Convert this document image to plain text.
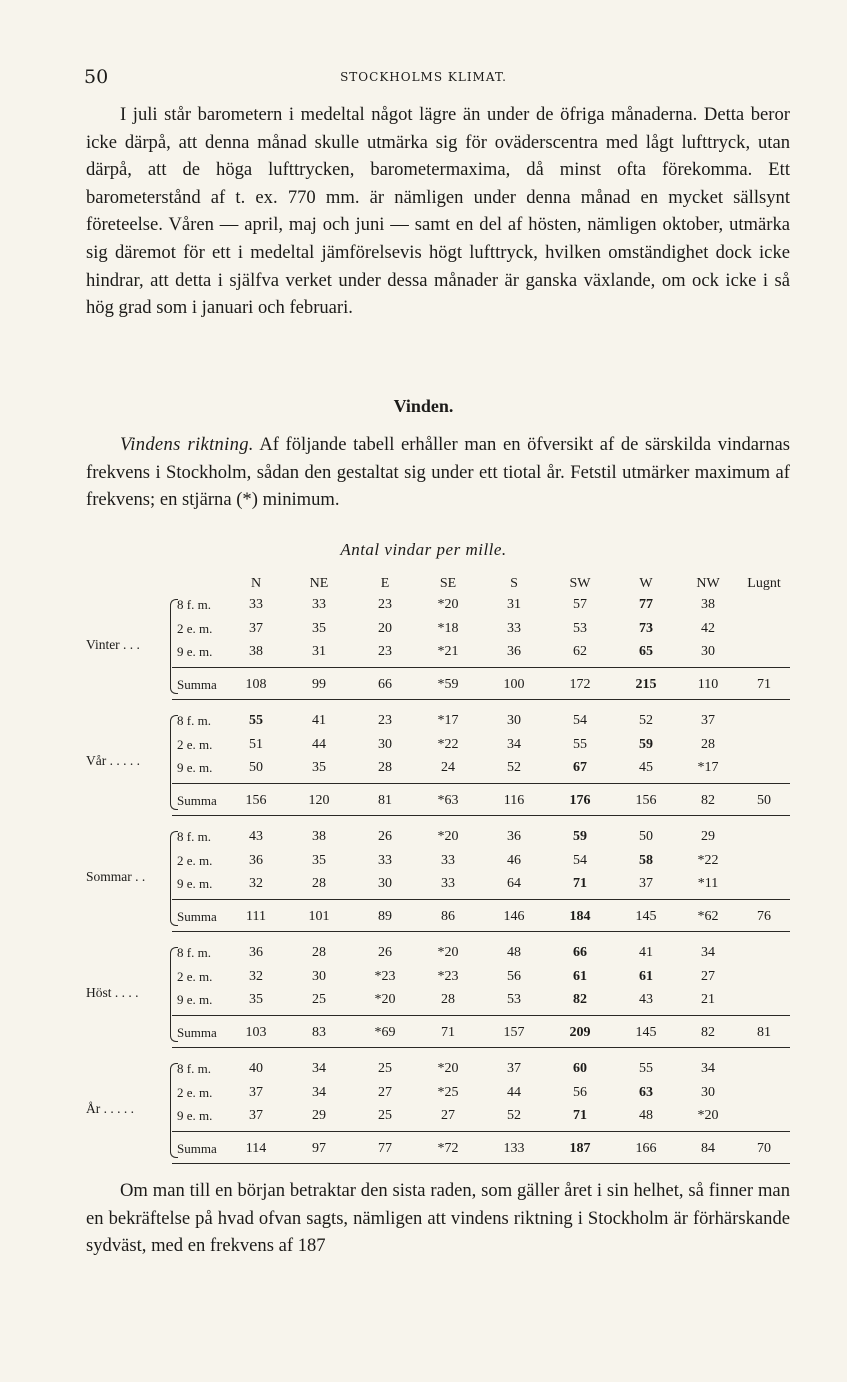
50	STOCKHOLMS KLIMAT.

I juli står barometern i medeltal något lägre än under de öfriga månaderna. Detta beror icke därpå, att denna månad skulle utmärka sig för oväderscentra med lågt lufttryck, utan därpå, att de höga lufttrycken, barometermaxima, då minst ofta förekomma. Ett barometerstånd af t. ex. 770 mm. är nämligen under denna månad en mycket sällsynt företeelse. Våren — april, maj och juni — samt en del af hösten, nämligen oktober, utmärka sig däremot för ett i medeltal jämförelsevis högt lufttryck, hvilken omständighet dock icke hindrar, att detta i själfva verket under dessa månader är ganska växlande, om ock icke i så hög grad som i januari och februari.

Vinden.

Vindens riktning. Af följande tabell erhåller man en öfversikt af de särskilda vindarnas frekvens i Stockholm, sådan den gestaltat sig under ett tiotal år. Fetstil utmärker maximum af frekvens; en stjärna (*) minimum.

Antal vindar per mille.
N	NE	E	SE	S	SW	W	NW	Lugnt
Vinter . . .
8 f. m.	33	33	23	*20	31	57	77	38
2 e. m.	37	35	20	*18	33	53	73	42
9 e. m.	38	31	23	*21	36	62	65	30
Summa	108	99	66	*59	100	172	215	110	71
Vår . . . . .
8 f. m.	55	41	23	*17	30	54	52	37
2 e. m.	51	44	30	*22	34	55	59	28
9 e. m.	50	35	28	24	52	67	45	*17
Summa	156	120	81	*63	116	176	156	82	50
Sommar . .
8 f. m.	43	38	26	*20	36	59	50	29
2 e. m.	36	35	33	33	46	54	58	*22
9 e. m.	32	28	30	33	64	71	37	*11
Summa	111	101	89	86	146	184	145	*62	76
Höst . . . .
8 f. m.	36	28	26	*20	48	66	41	34
2 e. m.	32	30	*23	*23	56	61	61	27
9 e. m.	35	25	*20	28	53	82	43	21
Summa	103	83	*69	71	157	209	145	82	81
År . . . . .
8 f. m.	40	34	25	*20	37	60	55	34
2 e. m.	37	34	27	*25	44	56	63	30
9 e. m.	37	29	25	27	52	71	48	*20
Summa	114	97	77	*72	133	187	166	84	70

Om man till en början betraktar den sista raden, som gäller året i sin helhet, så finner man en bekräftelse på hvad ofvan sagts, nämligen att vindens riktning i Stockholm är förhärskande sydväst, med en frekvens af 187
